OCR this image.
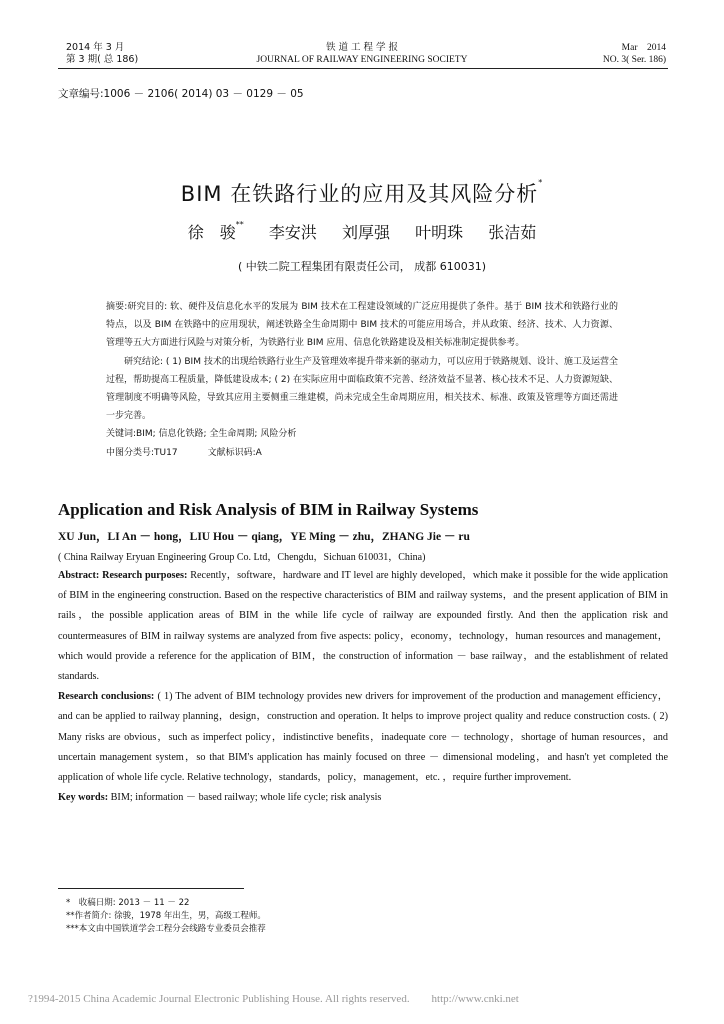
2014 年 3 月
第 3 期( 总 186)
铁 道 工 程 学 报
JOURNAL OF RAILWAY ENGINEERING SOCIETY
Mar　2014
NO. 3( Ser. 186)
文章编号:1006 － 2106( 2014) 03 － 0129 － 05
BIM 在铁路行业的应用及其风险分析*
徐　骏** 李安洪 刘厚强 叶明珠 张洁茹
( 中铁二院工程集团有限责任公司， 成都 610031)

摘要:研究目的: 软、硬件及信息化水平的发展为 BIM 技术在工程建设领域的广泛应用提供了条件。基于 BIM 技术和铁路行业的特点，以及 BIM 在铁路中的应用现状，阐述铁路全生命周期中 BIM 技术的可能应用场合，并从政策、经济、技术、人力资源、管理等五大方面进行风险与对策分析，为铁路行业 BIM 应用、信息化铁路建设及相关标准制定提供参考。

研究结论: ( 1) BIM 技术的出现给铁路行业生产及管理效率提升带来新的驱动力，可以应用于铁路规划、设计、施工及运营全过程，帮助提高工程质量，降低建设成本; ( 2) 在实际应用中面临政策不完善、经济效益不显著、核心技术不足、人力资源短缺、管理制度不明确等风险，导致其应用主要侧重三维建模，尚未完成全生命周期应用，相关技术、标准、政策及管理等方面还需进一步完善。

关键词:BIM; 信息化铁路; 全生命周期; 风险分析

中图分类号:TU17	文献标识码:A

Application and Risk Analysis of BIM in Railway Systems
XU Jun，LI An － hong，LIU Hou － qiang，YE Ming － zhu，ZHANG Jie － ru
( China Railway Eryuan Engineering Group Co. Ltd，Chengdu，Sichuan 610031，China)

Abstract: Research purposes: Recently，software，hardware and IT level are highly developed，which make it possible for the wide application of BIM in the engineering construction. Based on the respective characteristics of BIM and railway systems，and the present application of BIM in rails，the possible application areas of BIM in the while life cycle of railway are expounded firstly. And then the application risk and countermeasures of BIM in railway systems are analyzed from five aspects: policy，economy，technology，human resources and management，which would provide a reference for the application of BIM，the construction of information － base railway，and the establishment of related standards.

Research conclusions: ( 1) The advent of BIM technology provides new drivers for improvement of the production and management efficiency，and can be applied to railway planning，design，construction and operation. It helps to improve project quality and reduce construction costs. ( 2) Many risks are obvious，such as imperfect policy，indistinctive benefits，inadequate core － technology，shortage of human resources，and uncertain management system，so that BIM's application has mainly focused on three － dimensional modeling，and hasn't yet completed the application of whole life cycle. Relative technology，standards，policy，management，etc. ，require further improvement.

Key words: BIM; information － based railway; whole life cycle; risk analysis

*　 收稿日期: 2013 － 11 － 22
**作者简介: 徐骏，1978 年出生，男，高级工程师。
***本文由中国铁道学会工程分会线路专业委员会推荐
?1994-2015 China Academic Journal Electronic Publishing House. All rights reserved.　　http://www.cnki.net
